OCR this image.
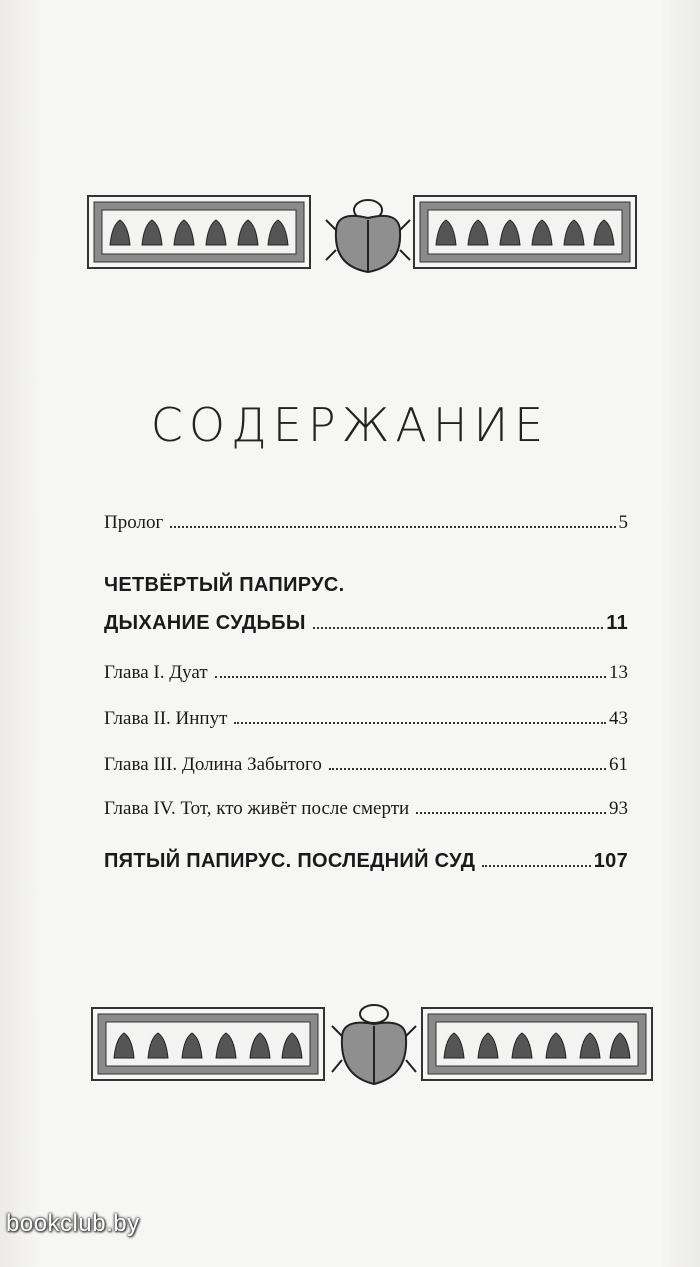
СОДЕРЖАНИЕ
Пролог	5
ЧЕТВЁРТЫЙ ПАПИРУС.
ДЫХАНИЕ СУДЬБЫ	11
Глава I. Дуат	13
Глава II. Инпут	43
Глава III. Долина Забытого	61
Глава IV. Тот, кто живёт после смерти	93
ПЯТЫЙ ПАПИРУС. ПОСЛЕДНИЙ СУД	107
bookclub.by
